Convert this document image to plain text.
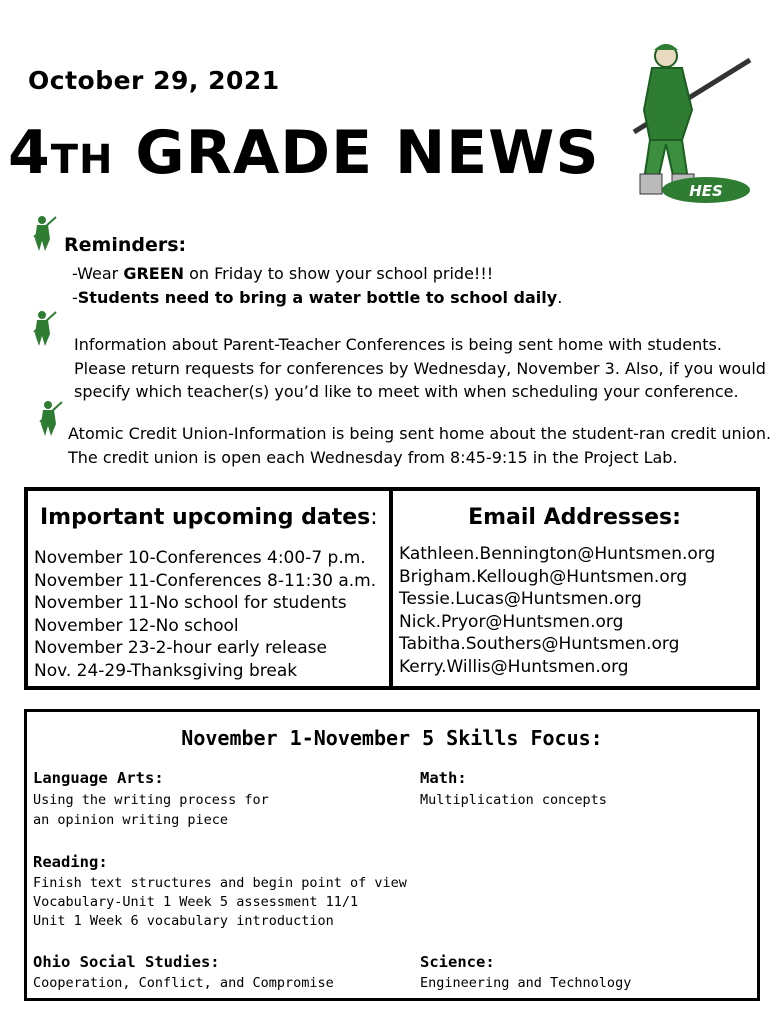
October 29, 2021
4TH GRADE NEWS
HES
Reminders:
-Wear GREEN on Friday to show your school pride!!!
-Students need to bring a water bottle to school daily.
Information about Parent-Teacher Conferences is being sent home with students.
Please return requests for conferences by Wednesday, November 3. Also, if you would
specify which teacher(s) you’d like to meet with when scheduling your conference.
Atomic Credit Union-Information is being sent home about the student-ran credit union.
The credit union is open each Wednesday from 8:45-9:15 in the Project Lab.
Important upcoming dates:
November 10-Conferences 4:00-7 p.m.
November 11-Conferences 8-11:30 a.m.
November 11-No school for students
November 12-No school
November 23-2-hour early release
Nov. 24-29-Thanksgiving break
Email Addresses:
Kathleen.Bennington@Huntsmen.org
Brigham.Kellough@Huntsmen.org
Tessie.Lucas@Huntsmen.org
Nick.Pryor@Huntsmen.org
Tabitha.Southers@Huntsmen.org
Kerry.Willis@Huntsmen.org
November 1-November 5 Skills Focus:
Language Arts:
Using the writing process for
an opinion writing piece
Math:
Multiplication concepts
Reading:
Finish text structures and begin point of view
Vocabulary-Unit 1 Week 5 assessment 11/1
Unit 1 Week 6 vocabulary introduction
Ohio Social Studies:
Cooperation, Conflict, and Compromise
Science:
Engineering and Technology
